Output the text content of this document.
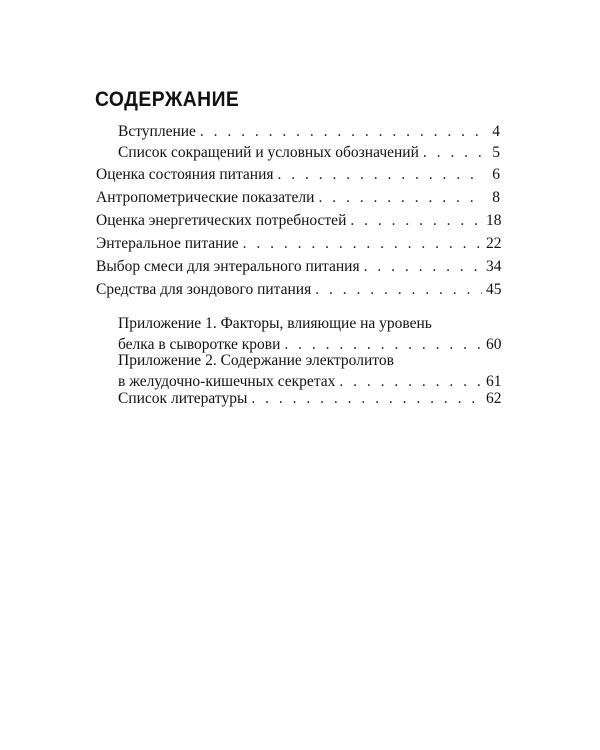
СОДЕРЖАНИЕ
Вступление . . .	4
Список сокращений и условных обозначений . . .	5
Оценка состояния питания . . .	6
Антропометрические показатели . . .	8
Оценка энергетических потребностей . . .	18
Энтеральное питание . . .	22
Выбор смеси для энтерального питания . . .	34
Средства для зондового питания . . .	45
Приложение 1. Факторы, влияющие на уровень
белка в сыворотке крови . . .	60
Приложение 2. Содержание электролитов
в желудочно-кишечных секретах . . .	61
Список литературы . . .	62
